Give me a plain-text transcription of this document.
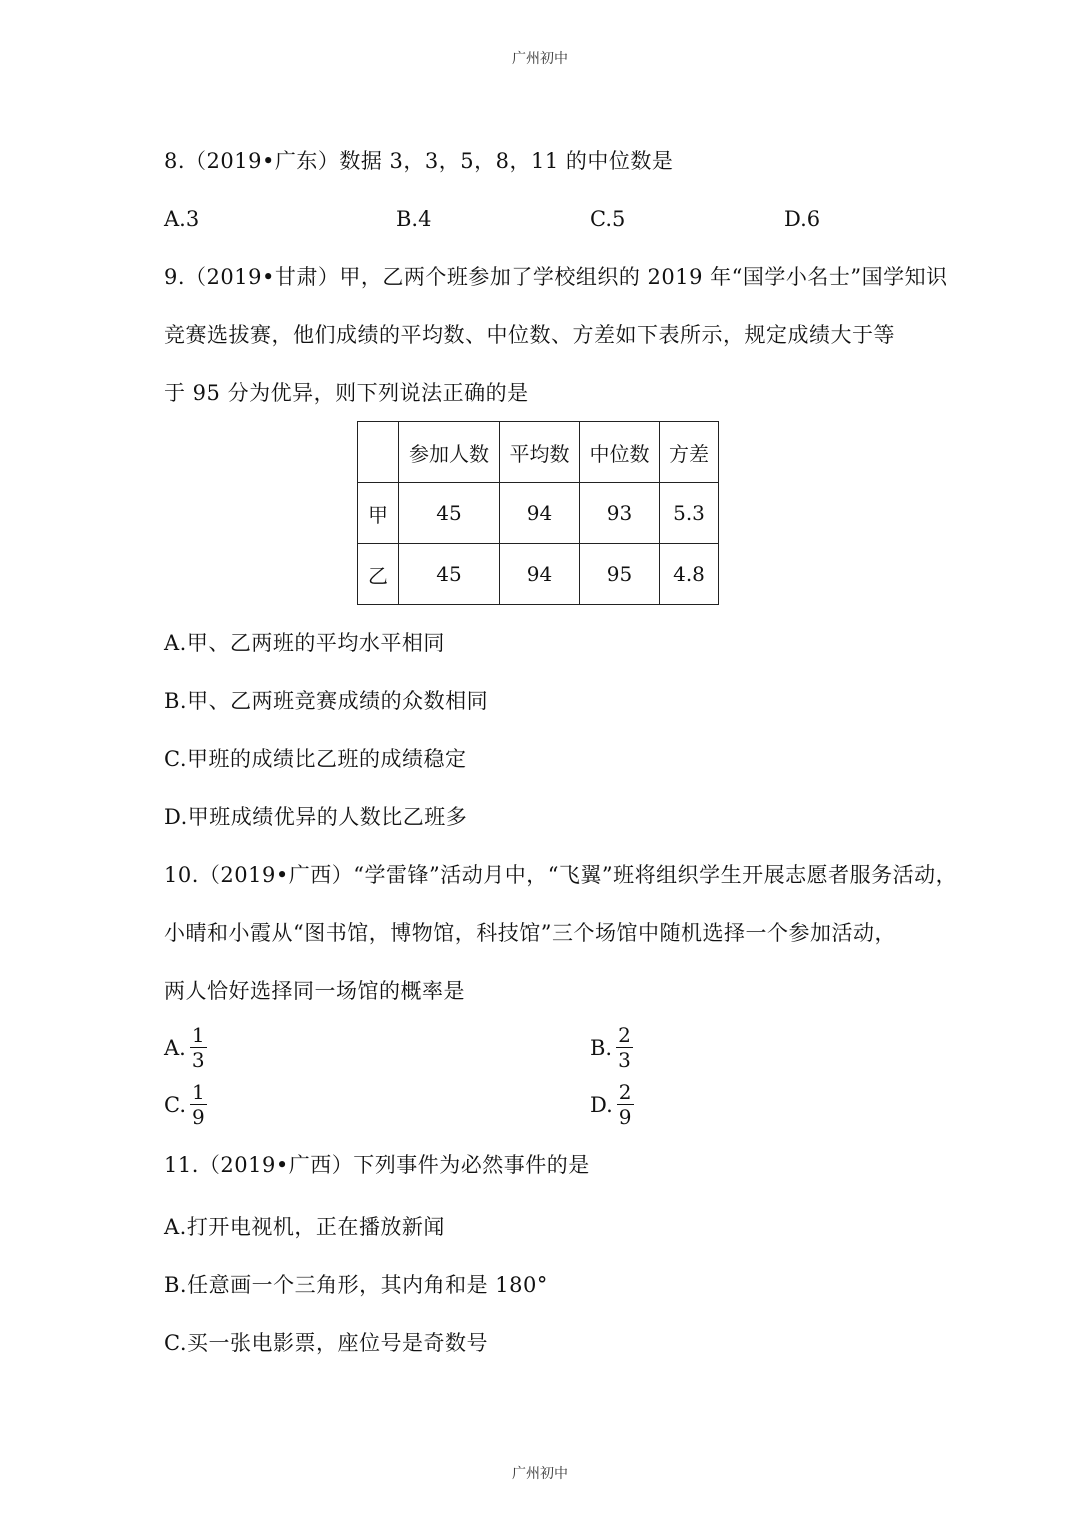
广州初中
8.（2019•广东）数据 3，3，5，8，11 的中位数是
A.3	B.4	C.5	D.6
9.（2019•甘肃）甲，乙两个班参加了学校组织的 2019 年“国学小名士”国学知识
竞赛选拔赛，他们成绩的平均数、中位数、方差如下表所示，规定成绩大于等
于 95 分为优异，则下列说法正确的是
	参加人数	平均数	中位数	方差
甲	45	94	93	5.3
乙	45	94	95	4.8
A.甲、乙两班的平均水平相同
B.甲、乙两班竞赛成绩的众数相同
C.甲班的成绩比乙班的成绩稳定
D.甲班成绩优异的人数比乙班多
10.（2019•广西）“学雷锋”活动月中，“飞翼”班将组织学生开展志愿者服务活动，
小晴和小霞从“图书馆，博物馆，科技馆”三个场馆中随机选择一个参加活动，
两人恰好选择同一场馆的概率是
A. $\frac{1}{3}$	B. $\frac{2}{3}$
C. $\frac{1}{9}$	D. $\frac{2}{9}$
11.（2019•广西）下列事件为必然事件的是
A.打开电视机，正在播放新闻
B.任意画一个三角形，其内角和是 180°
C.买一张电影票，座位号是奇数号
广州初中
